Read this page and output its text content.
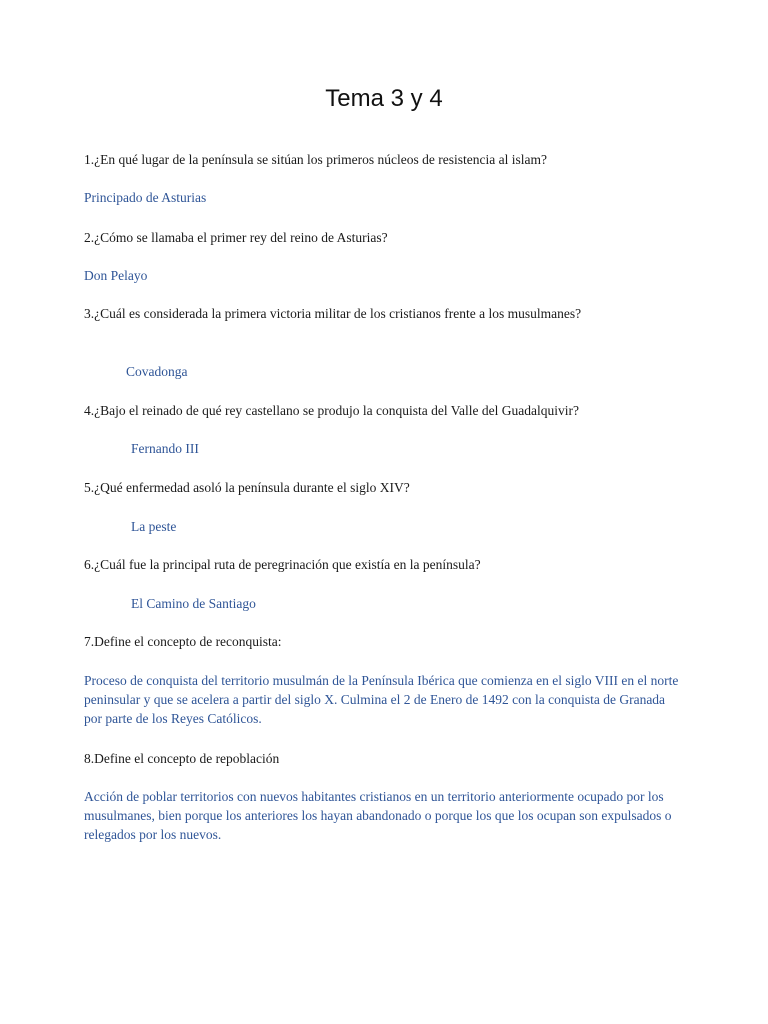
Tema 3 y 4

1.¿En qué lugar de la península se sitúan los primeros núcleos de resistencia al islam?

Principado de Asturias

2.¿Cómo se llamaba el primer rey del reino de Asturias?

Don Pelayo

3.¿Cuál es considerada la primera victoria militar de los cristianos frente a los musulmanes?

Covadonga

4.¿Bajo el reinado de qué rey castellano se produjo la conquista del Valle del Guadalquivir?

Fernando III

5.¿Qué enfermedad asoló la península durante el siglo XIV?

La peste

6.¿Cuál fue la principal ruta de peregrinación que existía en la península?

El Camino de Santiago

7.Define el concepto de reconquista:

Proceso de conquista del territorio musulmán de la Península Ibérica que comienza en el siglo VIII en el norte peninsular y que se acelera a partir del siglo X. Culmina el 2 de Enero de 1492 con la conquista de Granada por parte de los Reyes Católicos.

8.Define el concepto de repoblación

Acción de poblar territorios con nuevos habitantes cristianos en un territorio anteriormente ocupado por los musulmanes, bien porque los anteriores los hayan abandonado o porque los que los ocupan son expulsados o relegados por los nuevos.
